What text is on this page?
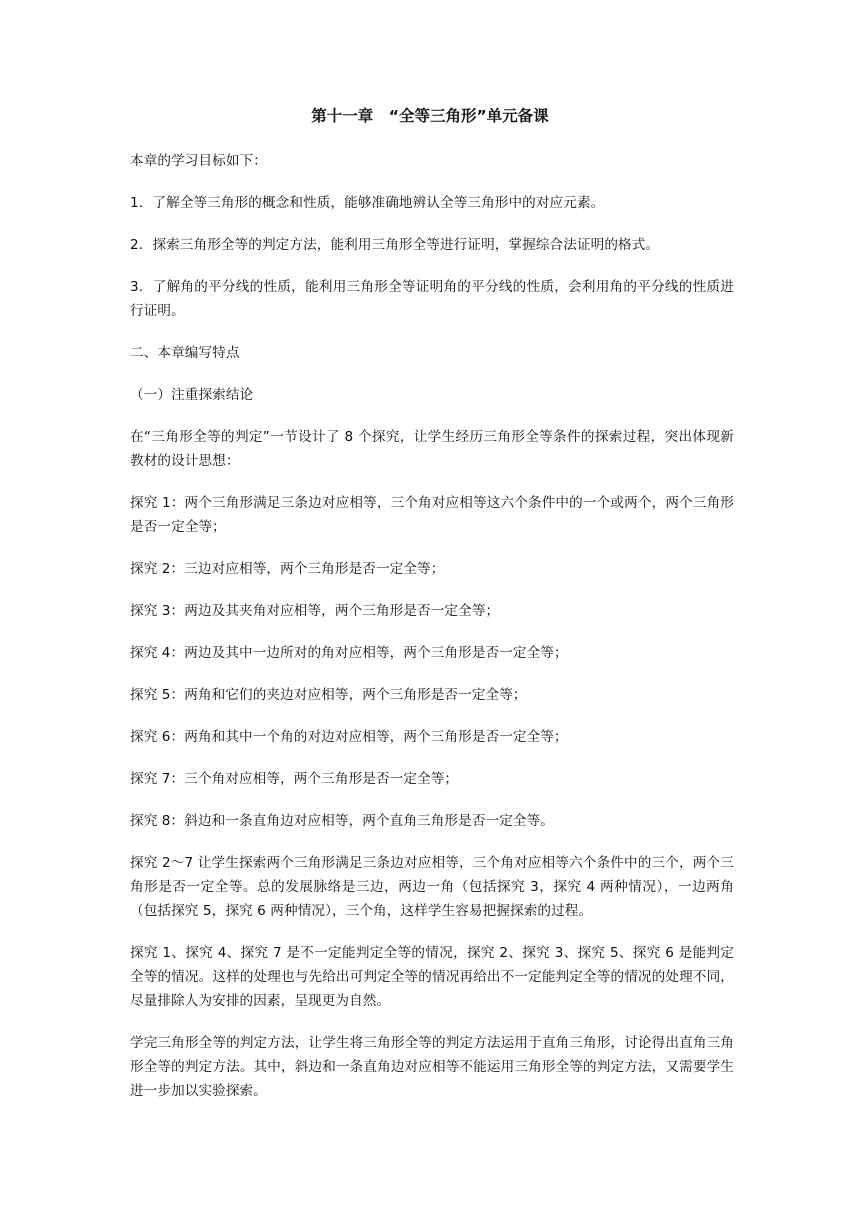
第十一章　“全等三角形”单元备课

本章的学习目标如下：

1．了解全等三角形的概念和性质，能够准确地辨认全等三角形中的对应元素。

2．探索三角形全等的判定方法，能利用三角形全等进行证明，掌握综合法证明的格式。

3．了解角的平分线的性质，能利用三角形全等证明角的平分线的性质，会利用角的平分线的性质进行证明。

二、本章编写特点

（一）注重探索结论

在“三角形全等的判定”一节设计了 8 个探究，让学生经历三角形全等条件的探索过程，突出体现新教材的设计思想：

探究 1：两个三角形满足三条边对应相等，三个角对应相等这六个条件中的一个或两个，两个三角形是否一定全等；

探究 2：三边对应相等，两个三角形是否一定全等；

探究 3：两边及其夹角对应相等，两个三角形是否一定全等；

探究 4：两边及其中一边所对的角对应相等，两个三角形是否一定全等；

探究 5：两角和它们的夹边对应相等，两个三角形是否一定全等；

探究 6：两角和其中一个角的对边对应相等，两个三角形是否一定全等；

探究 7：三个角对应相等，两个三角形是否一定全等；

探究 8：斜边和一条直角边对应相等，两个直角三角形是否一定全等。

探究 2～7 让学生探索两个三角形满足三条边对应相等，三个角对应相等六个条件中的三个，两个三角形是否一定全等。总的发展脉络是三边，两边一角（包括探究 3，探究 4 两种情况），一边两角（包括探究 5，探究 6 两种情况），三个角，这样学生容易把握探索的过程。

探究 1、探究 4、探究 7 是不一定能判定全等的情况，探究 2、探究 3、探究 5、探究 6 是能判定全等的情况。这样的处理也与先给出可判定全等的情况再给出不一定能判定全等的情况的处理不同，尽量排除人为安排的因素，呈现更为自然。

学完三角形全等的判定方法，让学生将三角形全等的判定方法运用于直角三角形，讨论得出直角三角形全等的判定方法。其中，斜边和一条直角边对应相等不能运用三角形全等的判定方法，又需要学生进一步加以实验探索。
